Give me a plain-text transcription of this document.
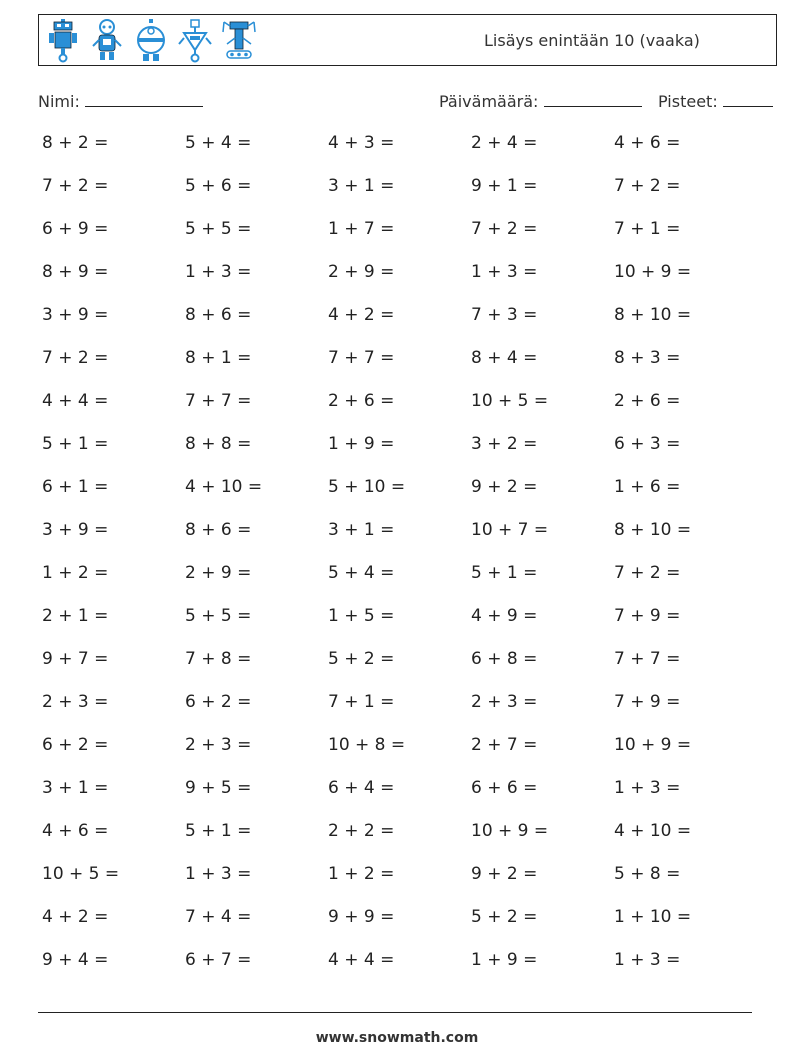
Lisäys enintään 10 (vaaka)
Nimi:	Päivämäärä:	Pisteet:
8 + 2 =	5 + 4 =	4 + 3 =	2 + 4 =	4 + 6 =
7 + 2 =	5 + 6 =	3 + 1 =	9 + 1 =	7 + 2 =
6 + 9 =	5 + 5 =	1 + 7 =	7 + 2 =	7 + 1 =
8 + 9 =	1 + 3 =	2 + 9 =	1 + 3 =	10 + 9 =
3 + 9 =	8 + 6 =	4 + 2 =	7 + 3 =	8 + 10 =
7 + 2 =	8 + 1 =	7 + 7 =	8 + 4 =	8 + 3 =
4 + 4 =	7 + 7 =	2 + 6 =	10 + 5 =	2 + 6 =
5 + 1 =	8 + 8 =	1 + 9 =	3 + 2 =	6 + 3 =
6 + 1 =	4 + 10 =	5 + 10 =	9 + 2 =	1 + 6 =
3 + 9 =	8 + 6 =	3 + 1 =	10 + 7 =	8 + 10 =
1 + 2 =	2 + 9 =	5 + 4 =	5 + 1 =	7 + 2 =
2 + 1 =	5 + 5 =	1 + 5 =	4 + 9 =	7 + 9 =
9 + 7 =	7 + 8 =	5 + 2 =	6 + 8 =	7 + 7 =
2 + 3 =	6 + 2 =	7 + 1 =	2 + 3 =	7 + 9 =
6 + 2 =	2 + 3 =	10 + 8 =	2 + 7 =	10 + 9 =
3 + 1 =	9 + 5 =	6 + 4 =	6 + 6 =	1 + 3 =
4 + 6 =	5 + 1 =	2 + 2 =	10 + 9 =	4 + 10 =
10 + 5 =	1 + 3 =	1 + 2 =	9 + 2 =	5 + 8 =
4 + 2 =	7 + 4 =	9 + 9 =	5 + 2 =	1 + 10 =
9 + 4 =	6 + 7 =	4 + 4 =	1 + 9 =	1 + 3 =
www.snowmath.com
